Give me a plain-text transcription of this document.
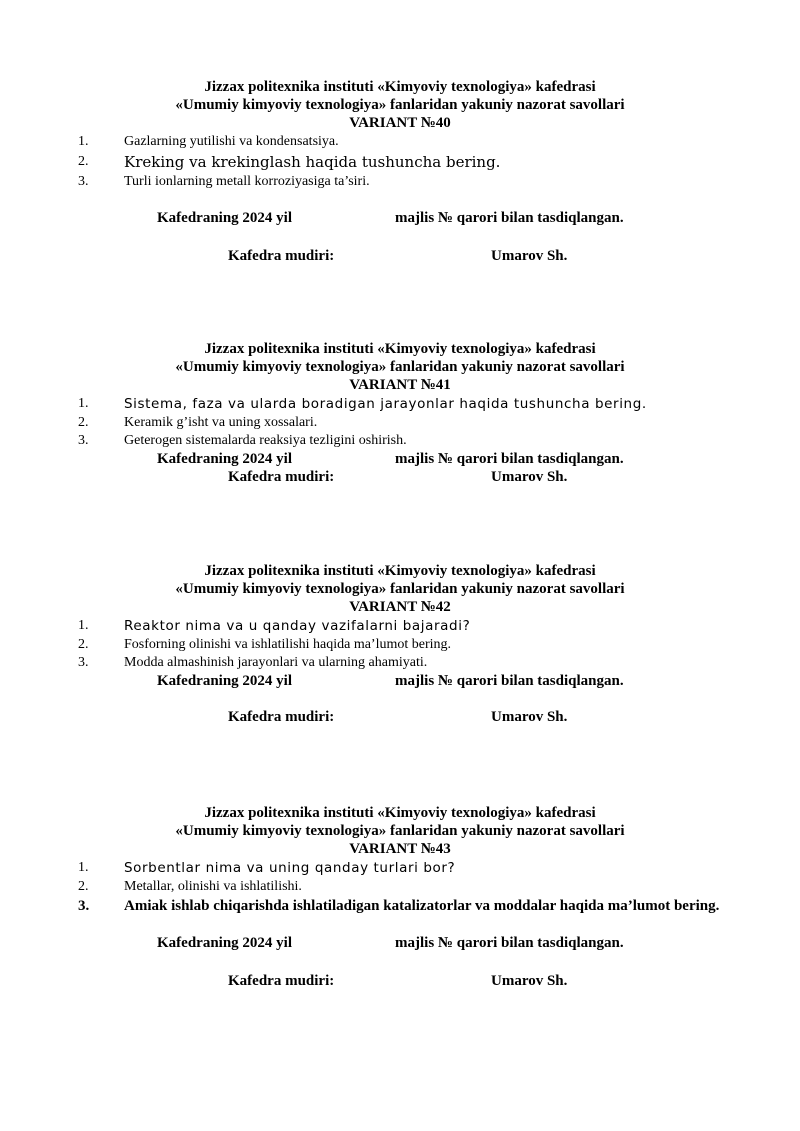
Jizzax politexnika instituti «Kimyoviy texnologiya» kafedrasi
«Umumiy kimyoviy texnologiya» fanlaridan yakuniy nazorat savollari
VARIANT №40
1.	Gazlarning yutilishi va kondensatsiya.
2. Kreking va krekinglash haqida tushuncha bering.
3.	Turli ionlarning metall korroziyasiga ta’siri.
Kafedraning 2024 yil	majlis № qarori bilan tasdiqlangan.
Kafedra mudiri:	Umarov Sh.
Jizzax politexnika instituti «Kimyoviy texnologiya» kafedrasi
«Umumiy kimyoviy texnologiya» fanlaridan yakuniy nazorat savollari
VARIANT №41
1.	Sistema, faza va ularda boradigan jarayonlar haqida tushuncha bering.
2.	Keramik g’isht va uning xossalari.
3.	Geterogen sistemalarda reaksiya tezligini oshirish.
Kafedraning 2024 yil	majlis № qarori bilan tasdiqlangan.
Kafedra mudiri:	Umarov Sh.
Jizzax politexnika instituti «Kimyoviy texnologiya» kafedrasi
«Umumiy kimyoviy texnologiya» fanlaridan yakuniy nazorat savollari
VARIANT №42
1.	Reaktor nima va u qanday vazifalarni bajaradi?
2.	Fosforning olinishi va ishlatilishi haqida ma’lumot bering.
3.	Modda almashinish jarayonlari va ularning ahamiyati.
Kafedraning 2024 yil	majlis № qarori bilan tasdiqlangan.
Kafedra mudiri:	Umarov Sh.
Jizzax politexnika instituti «Kimyoviy texnologiya» kafedrasi
«Umumiy kimyoviy texnologiya» fanlaridan yakuniy nazorat savollari
VARIANT №43
1.	Sorbentlar nima va uning qanday turlari bor?
2.	Metallar, olinishi va ishlatilishi.
3.	Amiak ishlab chiqarishda ishlatiladigan katalizatorlar va moddalar haqida ma’lumot bering.
Kafedraning 2024 yil	majlis № qarori bilan tasdiqlangan.
Kafedra mudiri:	Umarov Sh.
